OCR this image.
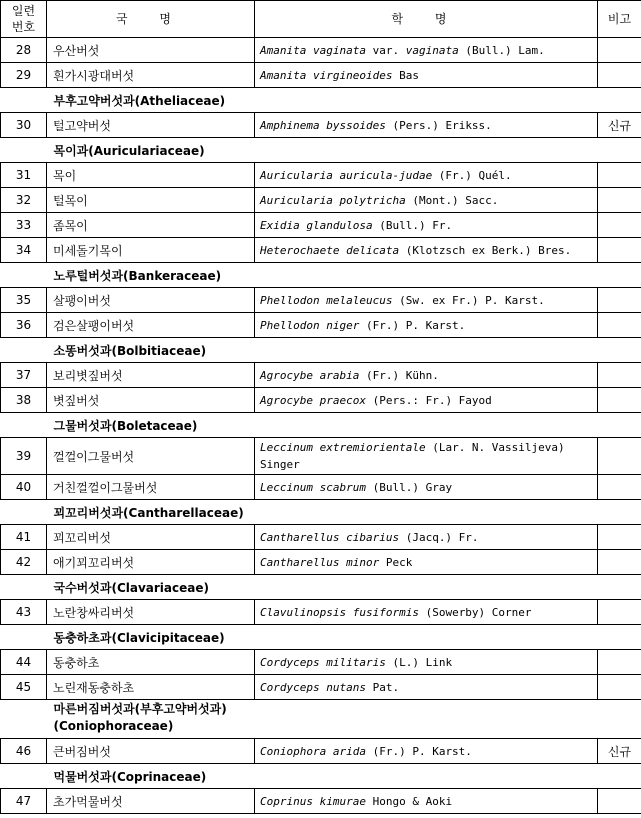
일련
번호	국 명	학 명	비고
28	우산버섯	Amanita vaginata var. vaginata (Bull.) Lam.	
29	흰가시광대버섯	Amanita virgineoides Bas	

부후고약버섯과(Atheliaceae)			

30	털고약버섯	Amphinema byssoides (Pers.) Erikss.	신규

목이과(Auriculariaceae)			

31	목이	Auricularia auricula-judae (Fr.) Quél.	
32	털목이	Auricularia polytricha (Mont.) Sacc.	
33	좀목이	Exidia glandulosa (Bull.) Fr.	
34	미세돌기목이	Heterochaete delicata (Klotzsch ex Berk.) Bres.	

노루털버섯과(Bankeraceae)			

35	살팽이버섯	Phellodon melaleucus (Sw. ex Fr.) P. Karst.	
36	검은살팽이버섯	Phellodon niger (Fr.) P. Karst.	

소똥버섯과(Bolbitiaceae)			

37	보리볏짚버섯	Agrocybe arabia (Fr.) Kühn.	
38	볏짚버섯	Agrocybe praecox (Pers.: Fr.) Fayod	

그물버섯과(Boletaceae)			

39	껄껄이그물버섯	Leccinum extremiorientale (Lar. N. Vassiljeva) Singer	
40	거친껄껄이그물버섯	Leccinum scabrum (Bull.) Gray	

꾀꼬리버섯과(Cantharellaceae)			

41	꾀꼬리버섯	Cantharellus cibarius (Jacq.) Fr.	
42	애기꾀꼬리버섯	Cantharellus minor Peck	

국수버섯과(Clavariaceae)			

43	노란창싸리버섯	Clavulinopsis fusiformis (Sowerby) Corner	

동충하초과(Clavicipitaceae)			

44	동충하초	Cordyceps militaris (L.) Link	
45	노린재동충하초	Cordyceps nutans Pat.	

마른버짐버섯과(부후고약버섯과)
(Coniophoraceae)			

46	큰버짐버섯	Coniophora arida (Fr.) P. Karst.	신규

먹물버섯과(Coprinaceae)			

47	초가먹물버섯	Coprinus kimurae Hongo & Aoki	
